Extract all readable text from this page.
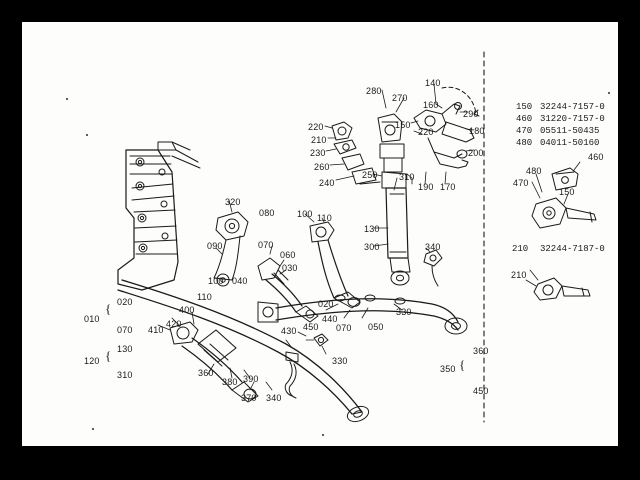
150 32244-7157-0
460 31220-7157-0
470 05511-50435
480 04011-50160
210 32244-7187-0
{
{
{
280
270
140
160
290
220	150
220	180
210
230	200
260
310
190 170
240
250
320
080 100 110
130
090	070
060
030
300	340
100 040
110
020
440
070 050
330
400
420
410	430 450
330
360
380 390
370 340
010
020
070
120
130
310
350
360
450
460
480
470
150
210
